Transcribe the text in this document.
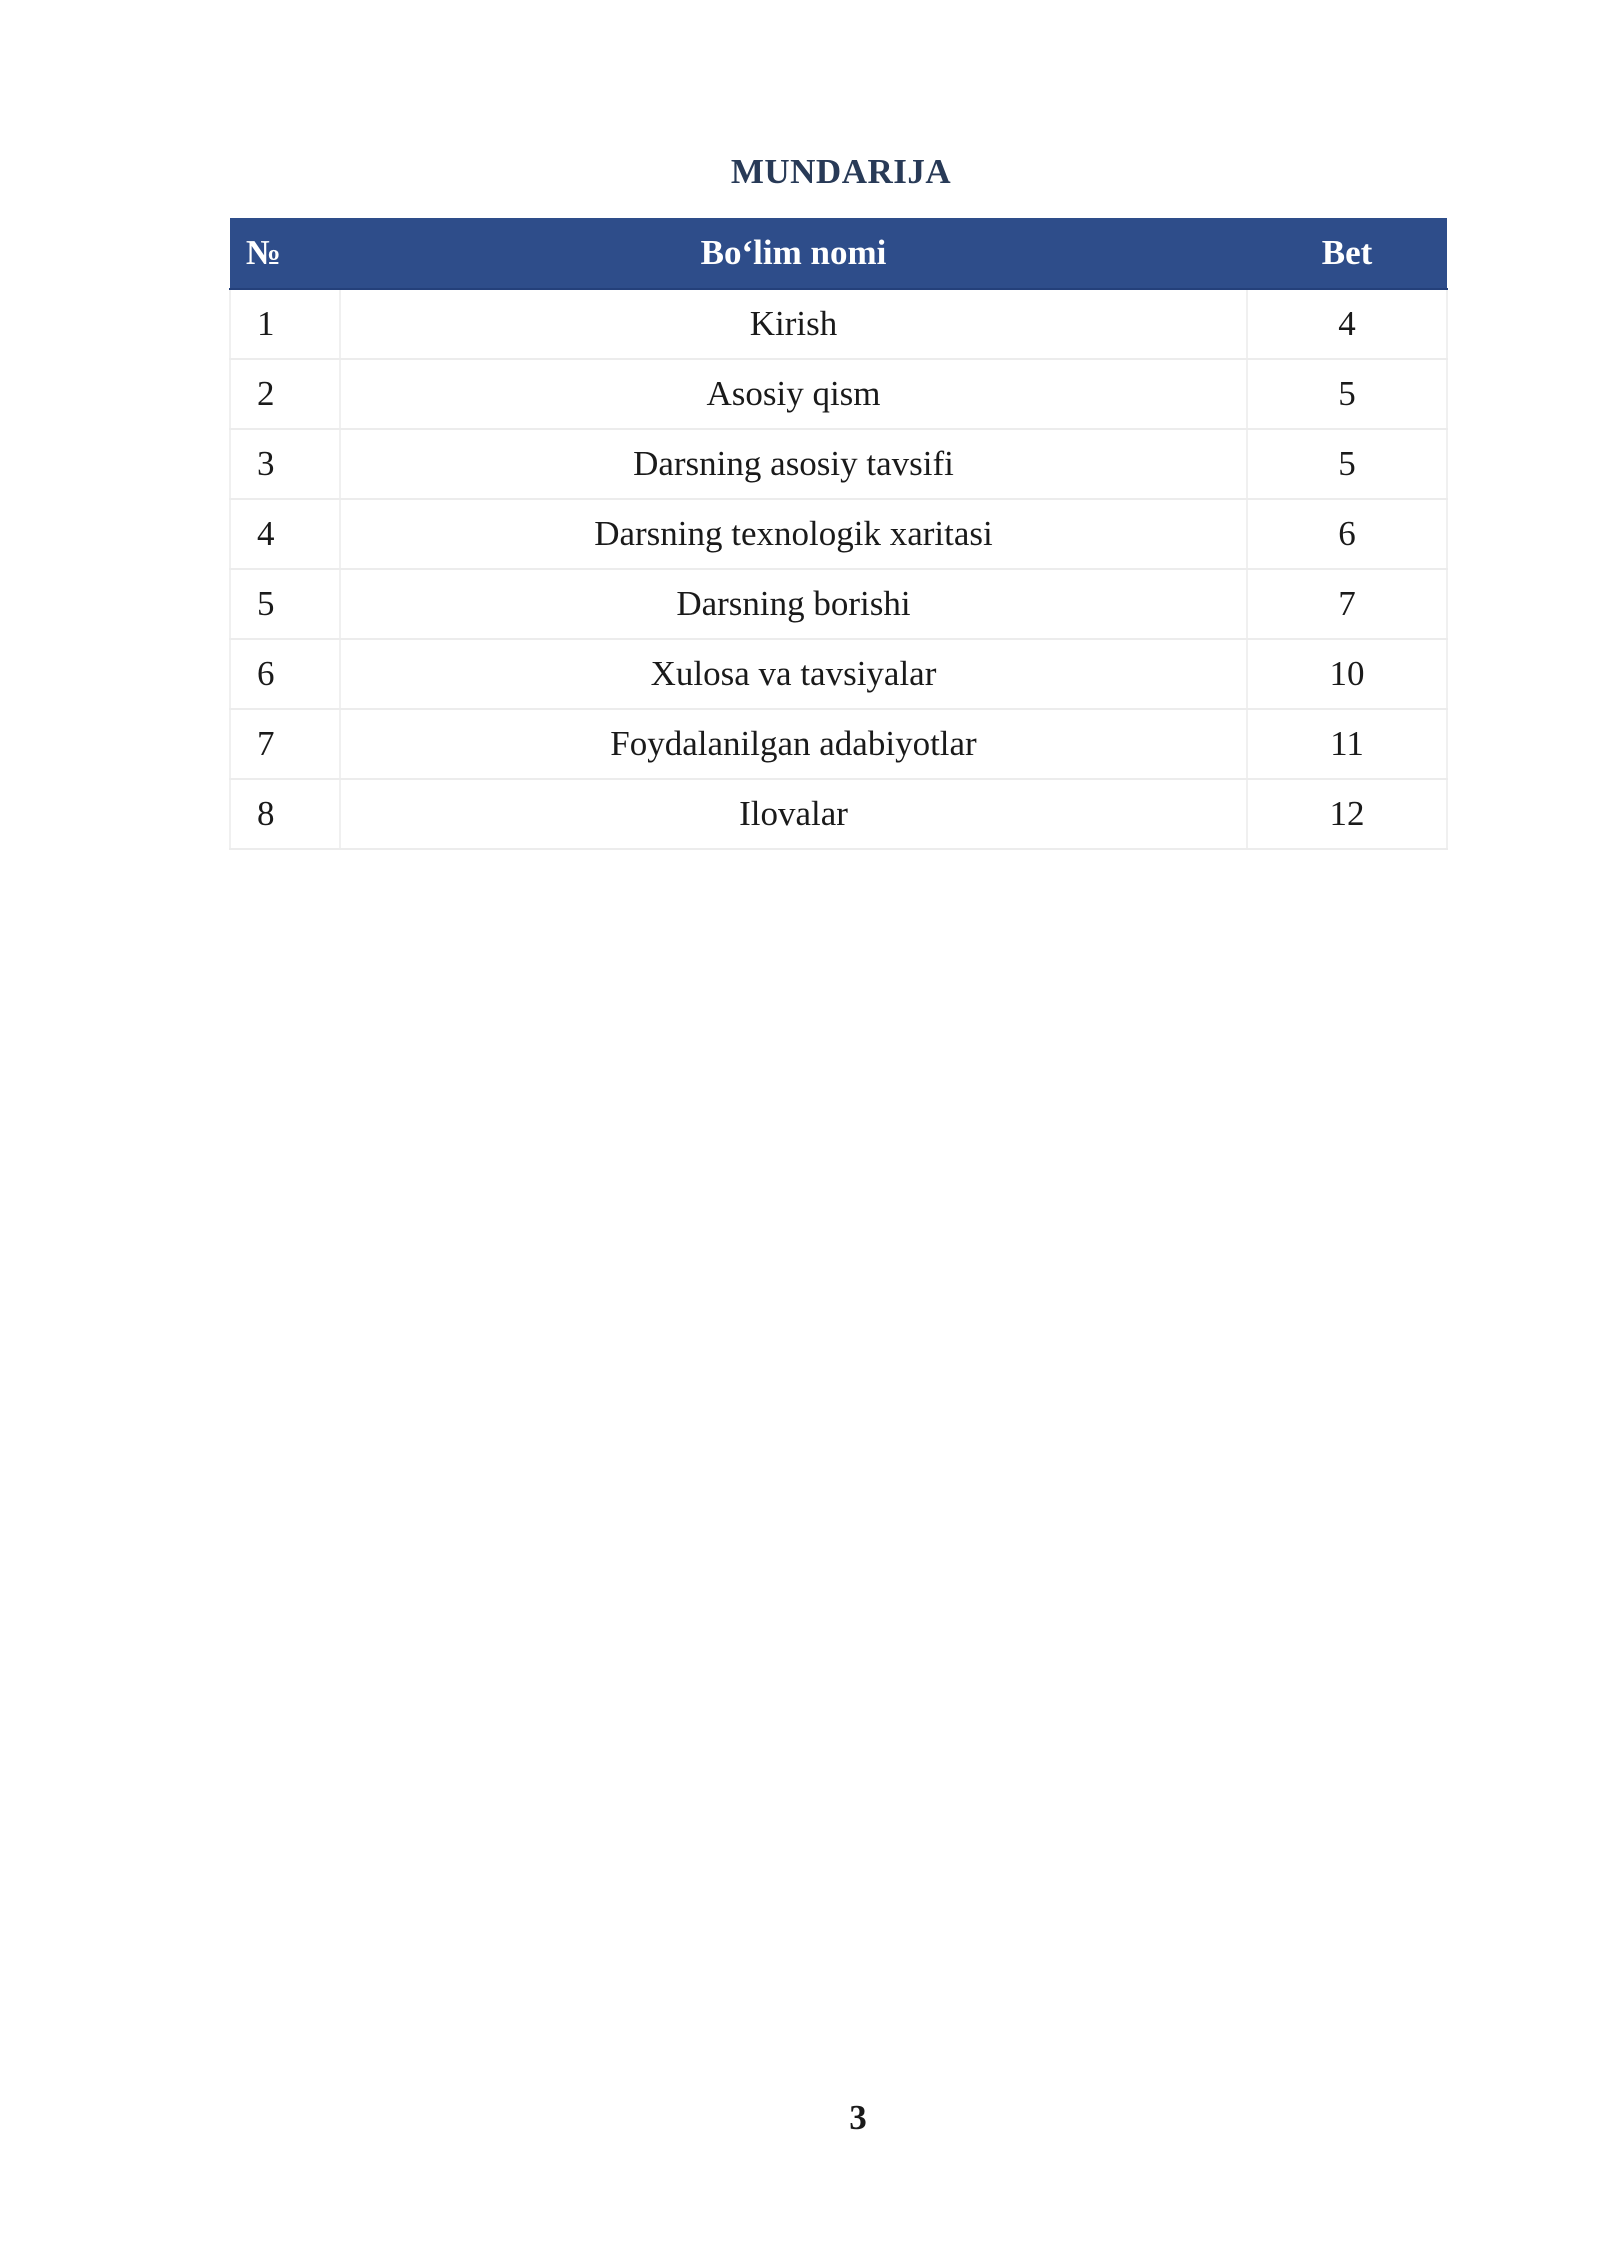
MUNDARIJA
№	Bo‘lim nomi	Bet
1	Kirish	4
2	Asosiy qism	5
3	Darsning asosiy tavsifi	5
4	Darsning texnologik xaritasi	6
5	Darsning borishi	7
6	Xulosa va tavsiyalar	10
7	Foydalanilgan adabiyotlar	11
8	Ilovalar	12
3
